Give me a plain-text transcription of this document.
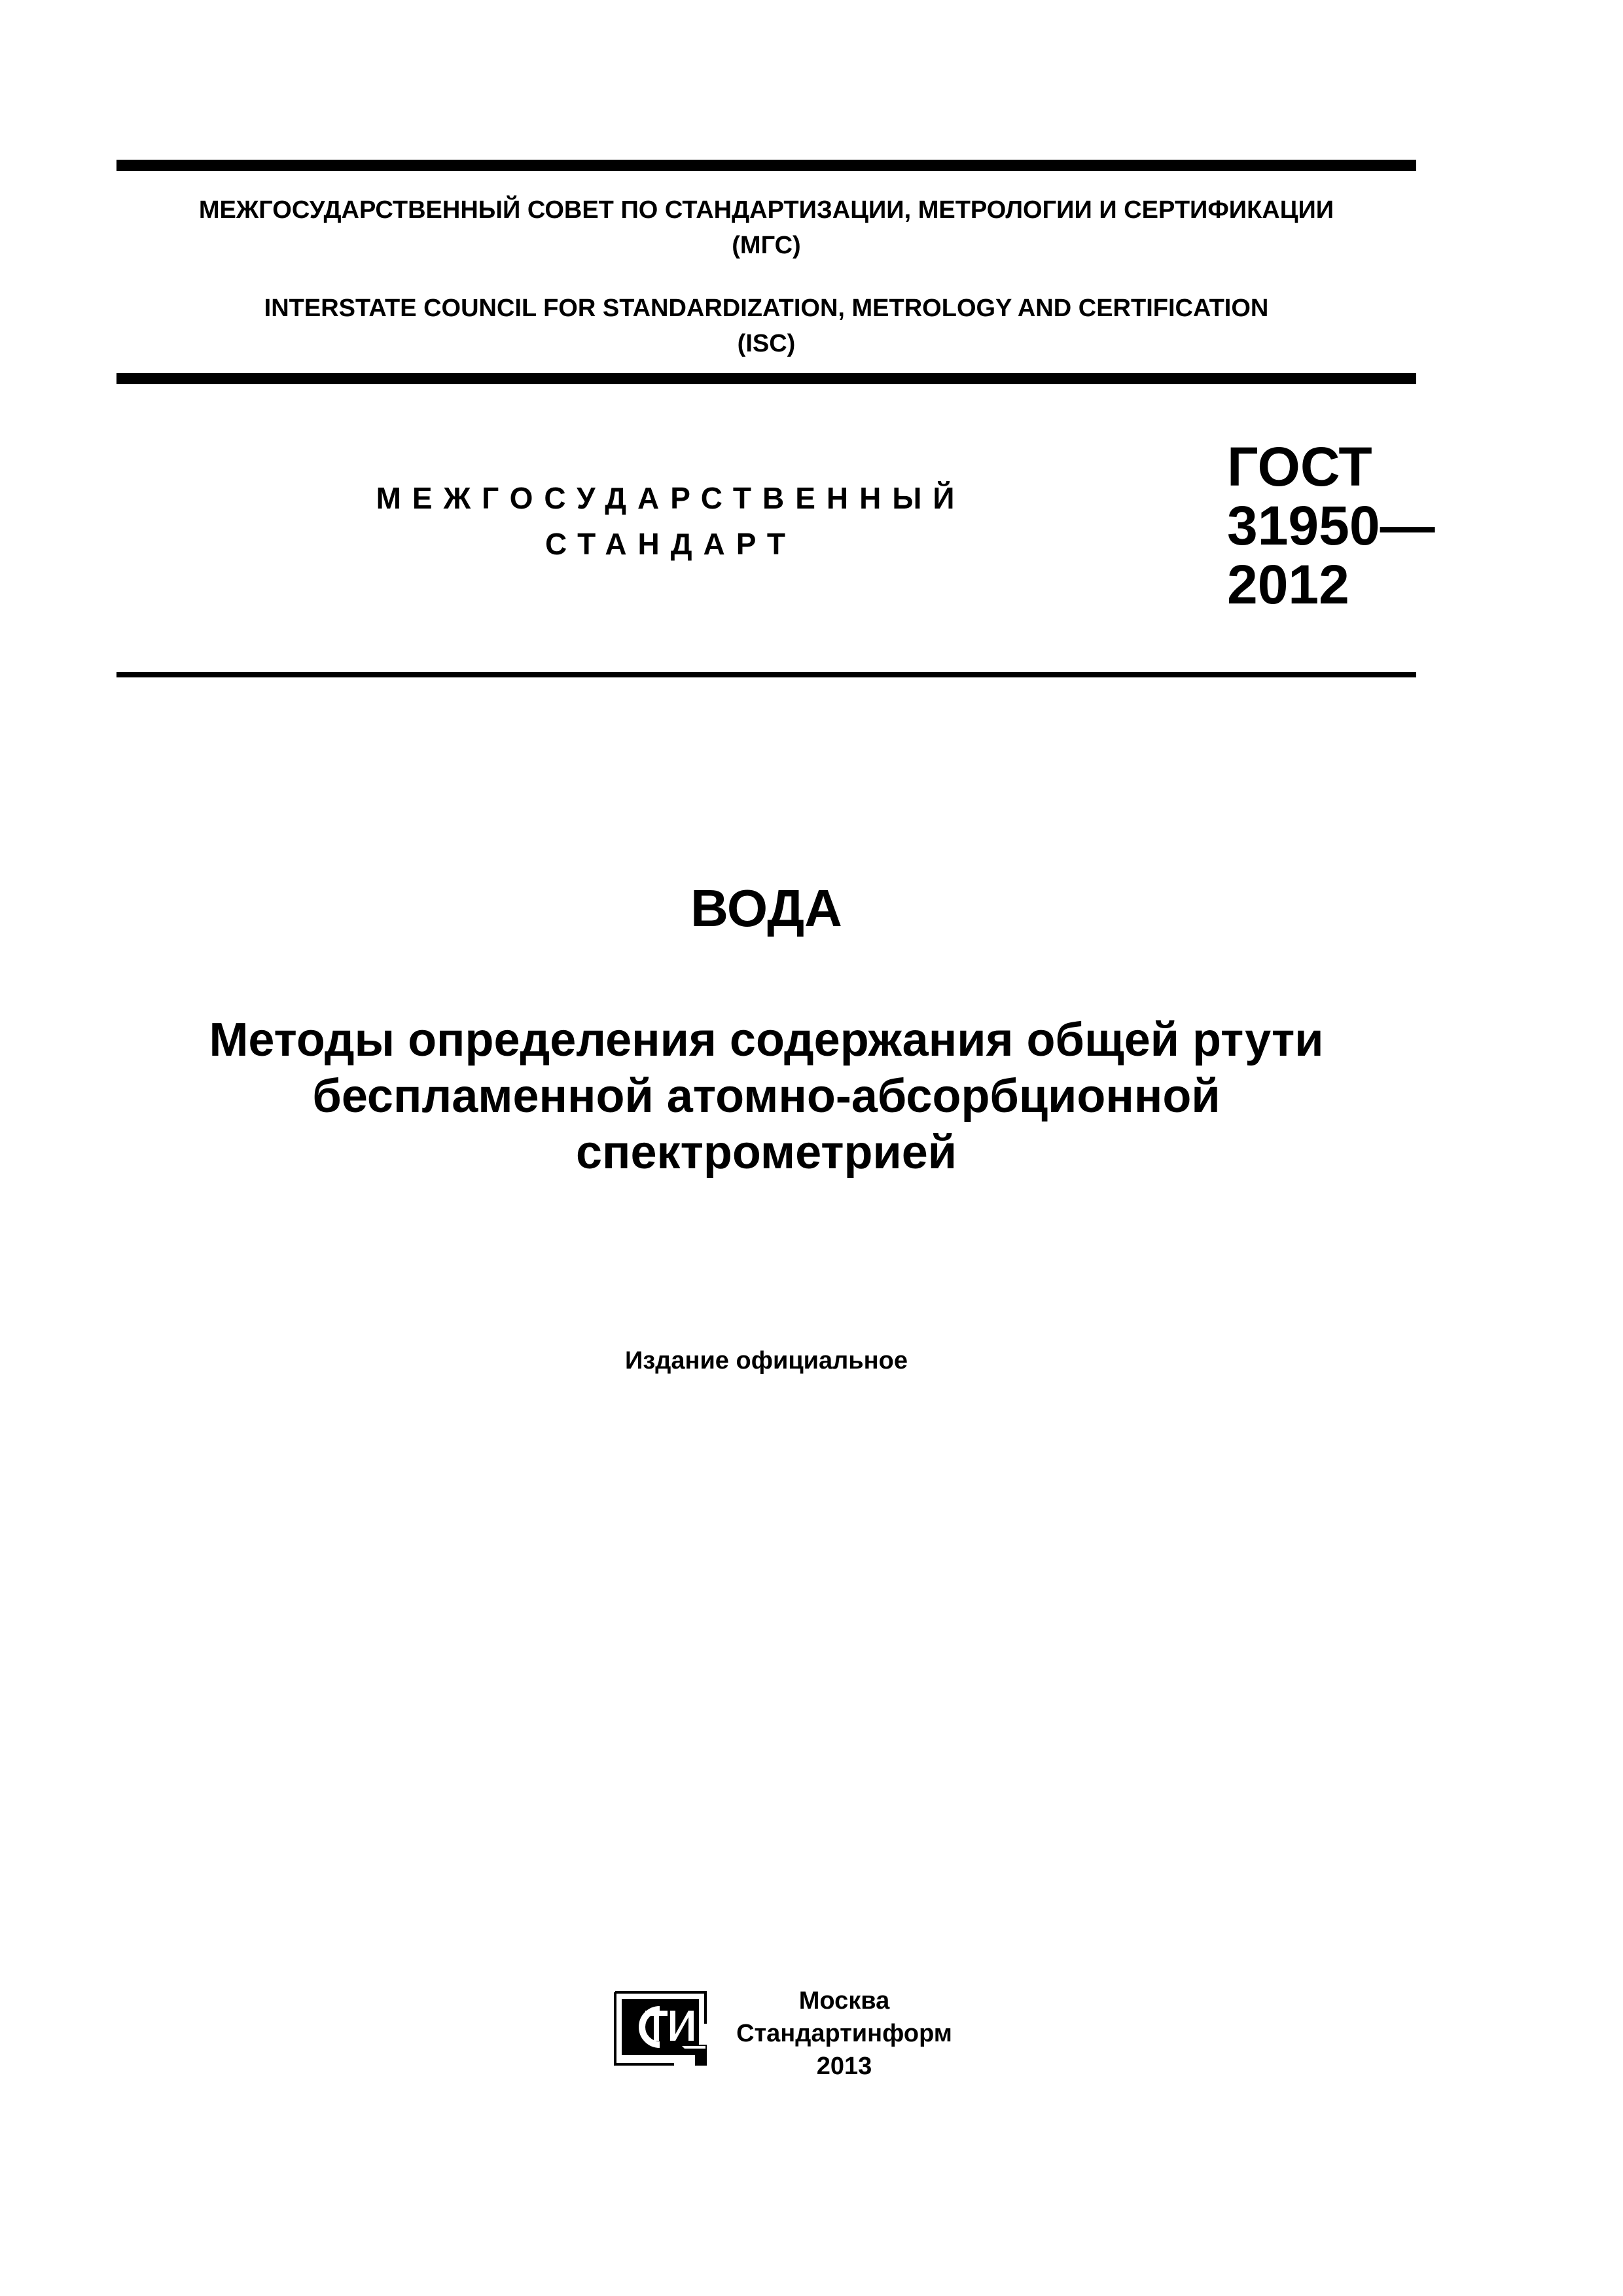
МЕЖГОСУДАРСТВЕННЫЙ СОВЕТ ПО СТАНДАРТИЗАЦИИ, МЕТРОЛОГИИ И СЕРТИФИКАЦИИ
(МГС)
INTERSTATE COUNCIL FOR STANDARDIZATION, METROLOGY AND CERTIFICATION
(ISC)
МЕЖГОСУДАРСТВЕННЫЙ
СТАНДАРТ
ГОСТ
31950—
2012
ВОДА
Методы определения содержания общей ртути
беспламенной атомно-абсорбционной
спектрометрией
Издание официальное
Москва
Стандартинформ
2013
